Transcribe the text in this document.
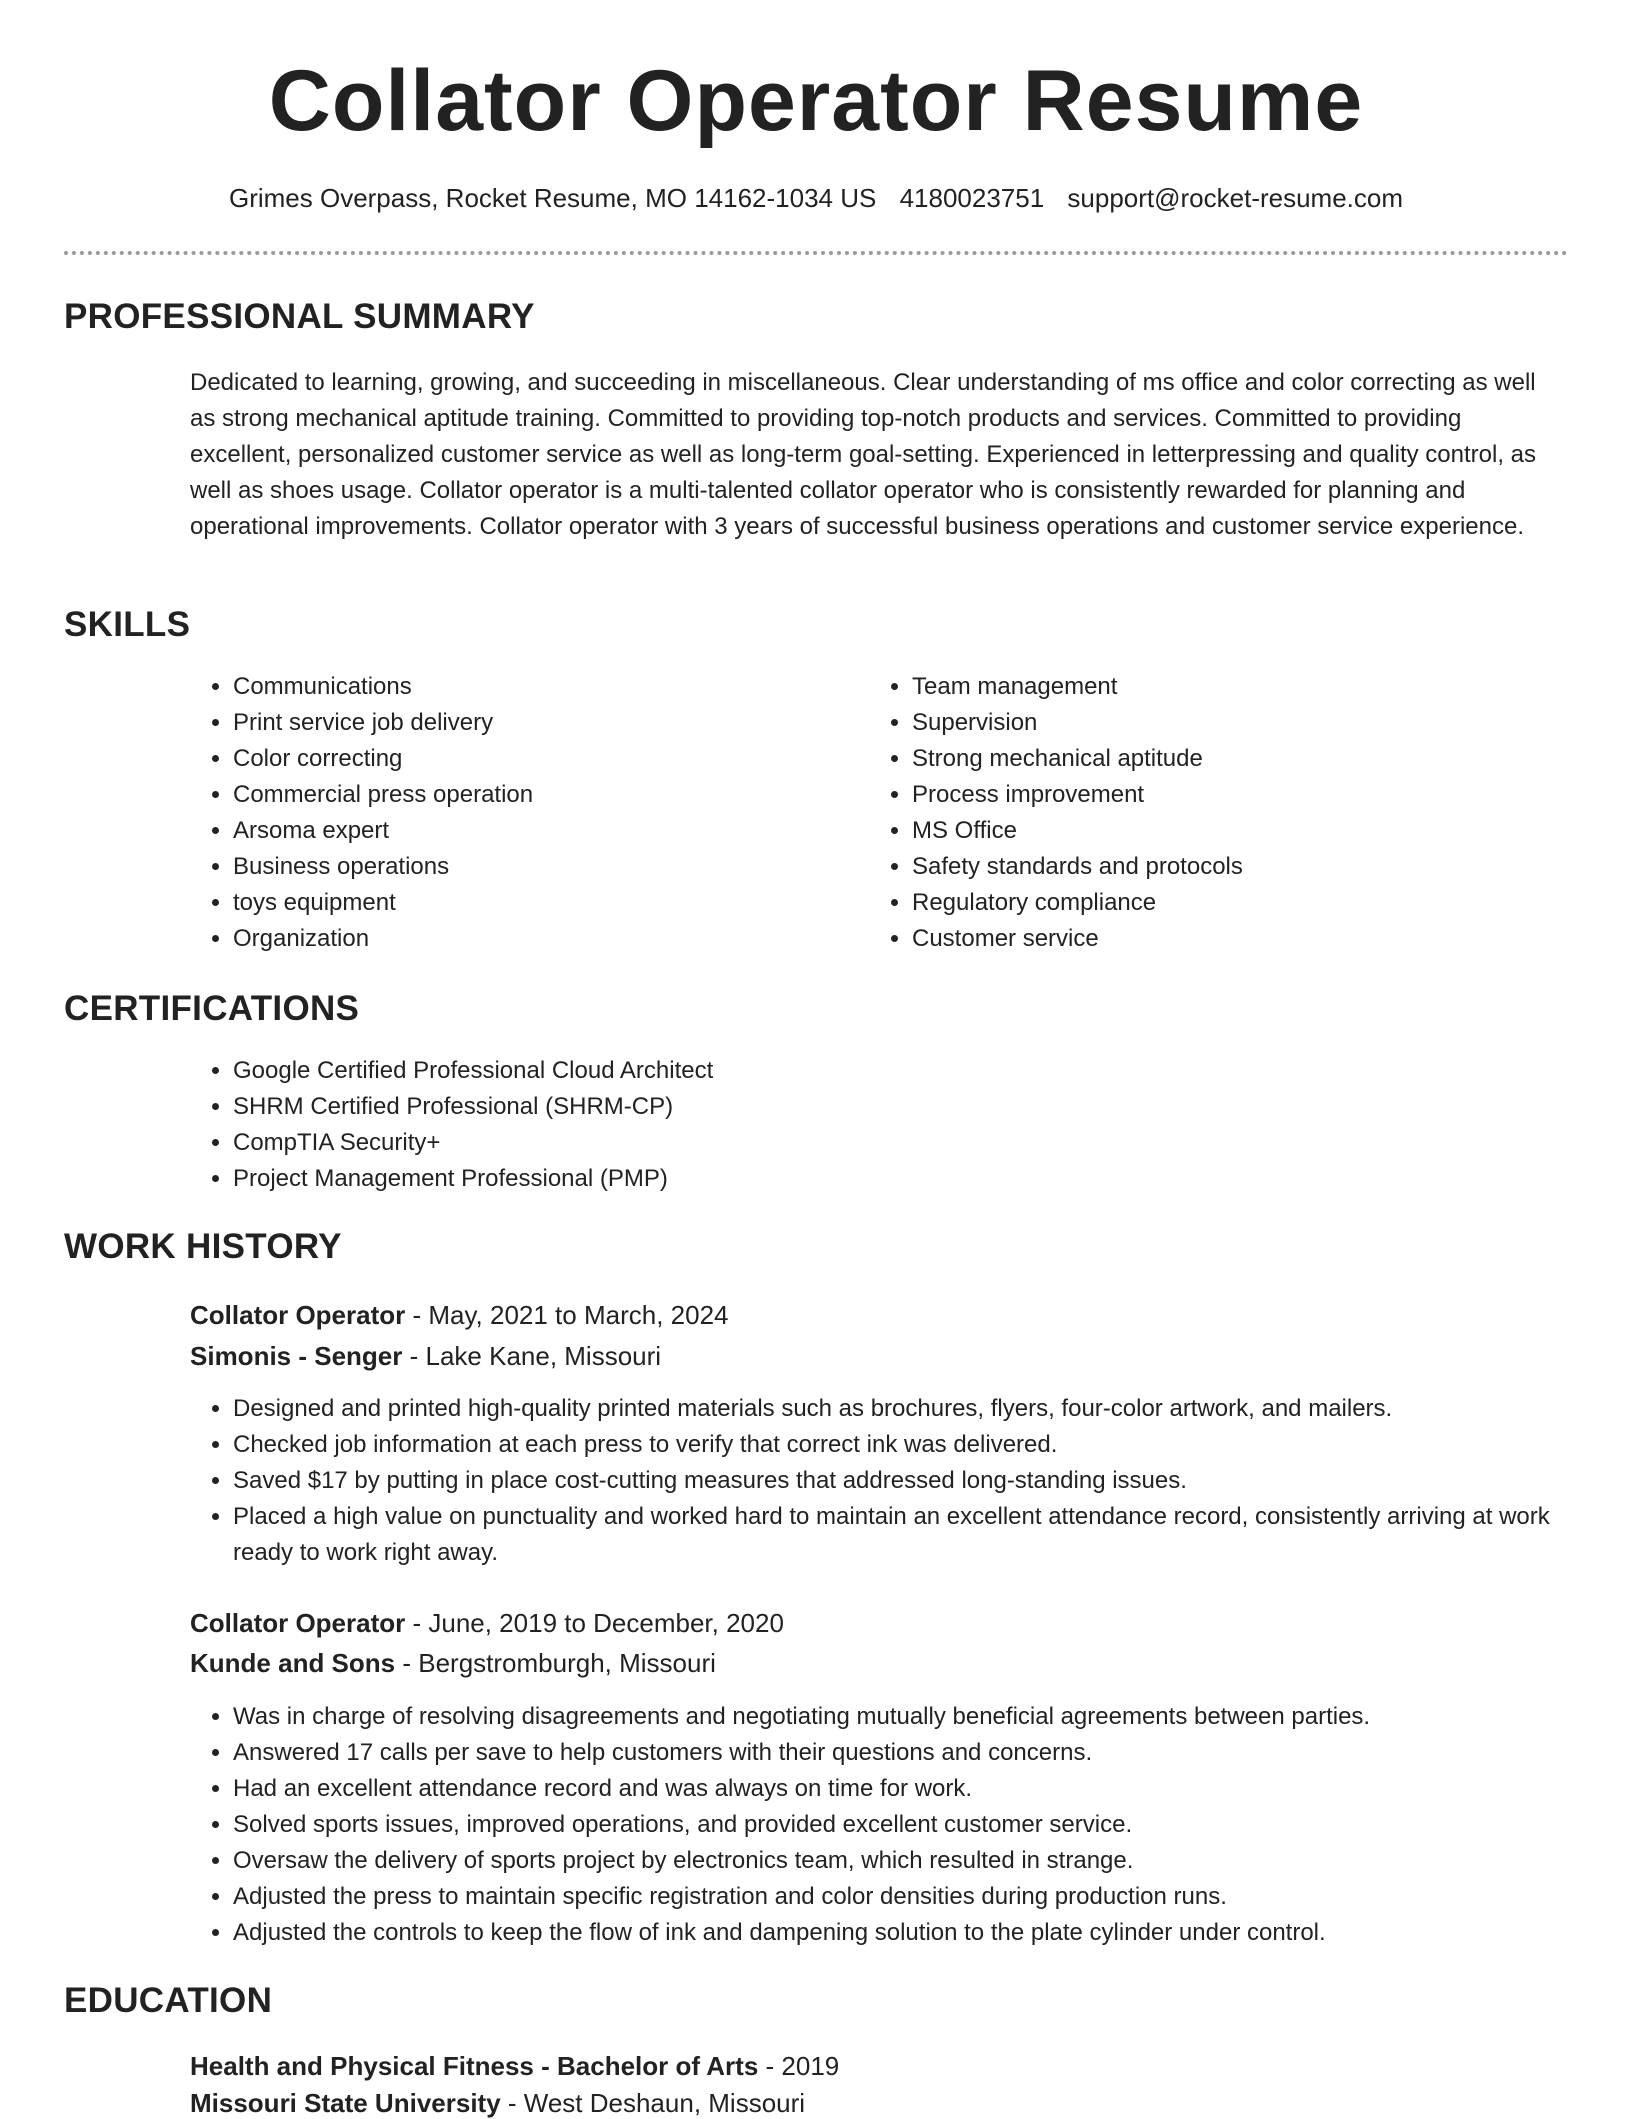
Collator Operator Resume
Grimes Overpass, Rocket Resume, MO 14162-1034 US 4180023751 support@rocket-resume.com
PROFESSIONAL SUMMARY

Dedicated to learning, growing, and succeeding in miscellaneous. Clear understanding of ms office and color correcting as well as strong mechanical aptitude training. Committed to providing top-notch products and services. Committed to providing excellent, personalized customer service as well as long-term goal-setting. Experienced in letterpressing and quality control, as well as shoes usage. Collator operator is a multi-talented collator operator who is consistently rewarded for planning and operational improvements. Collator operator with 3 years of successful business operations and customer service experience.

SKILLS
• Communications
• Print service job delivery
• Color correcting
• Commercial press operation
• Arsoma expert
• Business operations
• toys equipment
• Organization
• Team management
• Supervision
• Strong mechanical aptitude
• Process improvement
• MS Office
• Safety standards and protocols
• Regulatory compliance
• Customer service
CERTIFICATIONS
• Google Certified Professional Cloud Architect
• SHRM Certified Professional (SHRM-CP)
• CompTIA Security+
• Project Management Professional (PMP)
WORK HISTORY
Collator Operator - May, 2021 to March, 2024
Simonis - Senger - Lake Kane, Missouri
• Designed and printed high-quality printed materials such as brochures, flyers, four-color artwork, and mailers.
• Checked job information at each press to verify that correct ink was delivered.
• Saved $17 by putting in place cost-cutting measures that addressed long-standing issues.
• Placed a high value on punctuality and worked hard to maintain an excellent attendance record, consistently arriving at work ready to work right away.
Collator Operator - June, 2019 to December, 2020
Kunde and Sons - Bergstromburgh, Missouri
• Was in charge of resolving disagreements and negotiating mutually beneficial agreements between parties.
• Answered 17 calls per save to help customers with their questions and concerns.
• Had an excellent attendance record and was always on time for work.
• Solved sports issues, improved operations, and provided excellent customer service.
• Oversaw the delivery of sports project by electronics team, which resulted in strange.
• Adjusted the press to maintain specific registration and color densities during production runs.
• Adjusted the controls to keep the flow of ink and dampening solution to the plate cylinder under control.
EDUCATION
Health and Physical Fitness - Bachelor of Arts - 2019
Missouri State University - West Deshaun, Missouri
